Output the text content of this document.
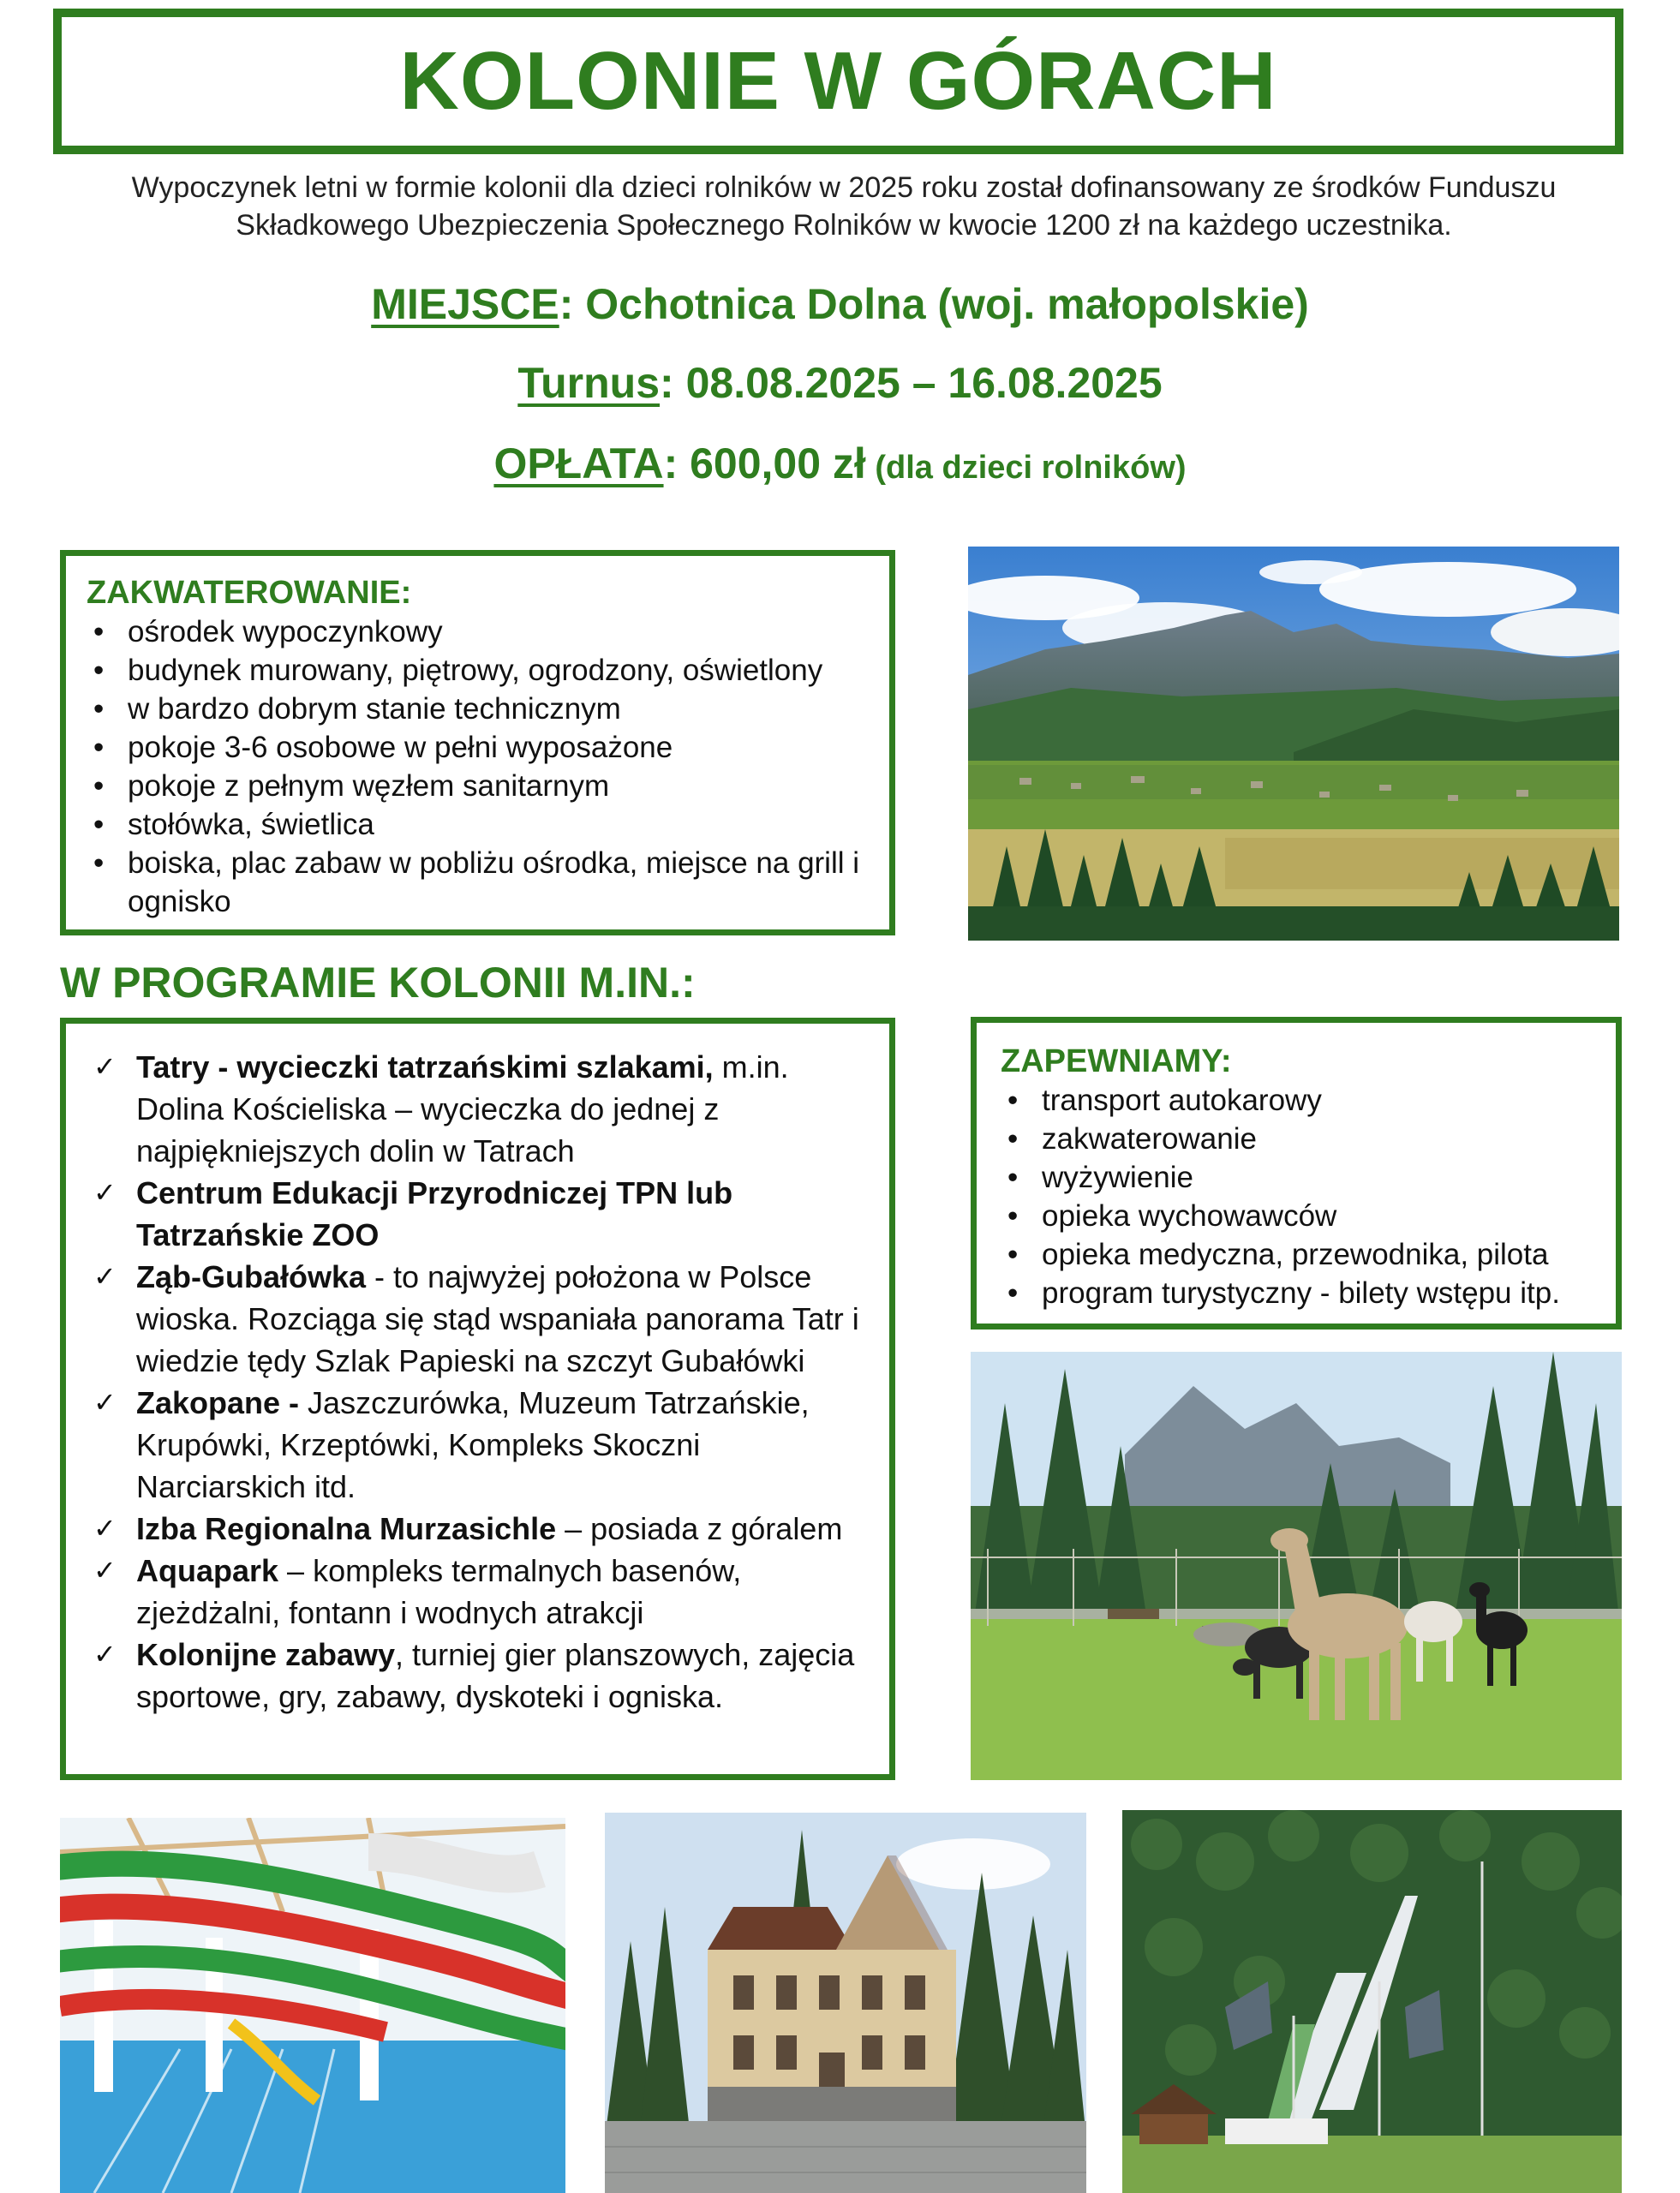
KOLONIE W GÓRACH

Wypoczynek letni w formie kolonii dla dzieci rolników w 2025 roku został dofinansowany ze środków Funduszu Składkowego Ubezpieczenia Społecznego Rolników w kwocie 1200 zł na każdego uczestnika.

MIEJSCE: Ochotnica Dolna (woj. małopolskie)
Turnus: 08.08.2025 – 16.08.2025
OPŁATA: 600,00 zł (dla dzieci rolników)
ZAKWATEROWANIE:
• ośrodek wypoczynkowy
• budynek murowany, piętrowy, ogrodzony, oświetlony
• w bardzo dobrym stanie technicznym
• pokoje 3-6 osobowe w pełni wyposażone
• pokoje z pełnym węzłem sanitarnym
• stołówka, świetlica
• boiska, plac zabaw w pobliżu ośrodka, miejsce na grill i ognisko
W PROGRAMIE KOLONII M.IN.:
✓ Tatry - wycieczki tatrzańskimi szlakami, m.in. Dolina Kościeliska – wycieczka do jednej z najpiękniejszych dolin w Tatrach
✓ Centrum Edukacji Przyrodniczej TPN lub Tatrzańskie ZOO
✓ Ząb-Gubałówka - to najwyżej położona w Polsce wioska. Rozciąga się stąd wspaniała panorama Tatr i wiedzie tędy Szlak Papieski na szczyt Gubałówki
✓ Zakopane - Jaszczurówka, Muzeum Tatrzańskie, Krupówki, Krzeptówki, Kompleks Skoczni Narciarskich itd.
✓ Izba Regionalna Murzasichle – posiada z góralem
✓ Aquapark – kompleks termalnych basenów, zjeżdżalni, fontann i wodnych atrakcji
✓ Kolonijne zabawy, turniej gier planszowych, zajęcia sportowe, gry, zabawy, dyskoteki i ogniska.
ZAPEWNIAMY:
• transport autokarowy
• zakwaterowanie
• wyżywienie
• opieka wychowawców
• opieka medyczna, przewodnika, pilota
• program turystyczny - bilety wstępu itp.
